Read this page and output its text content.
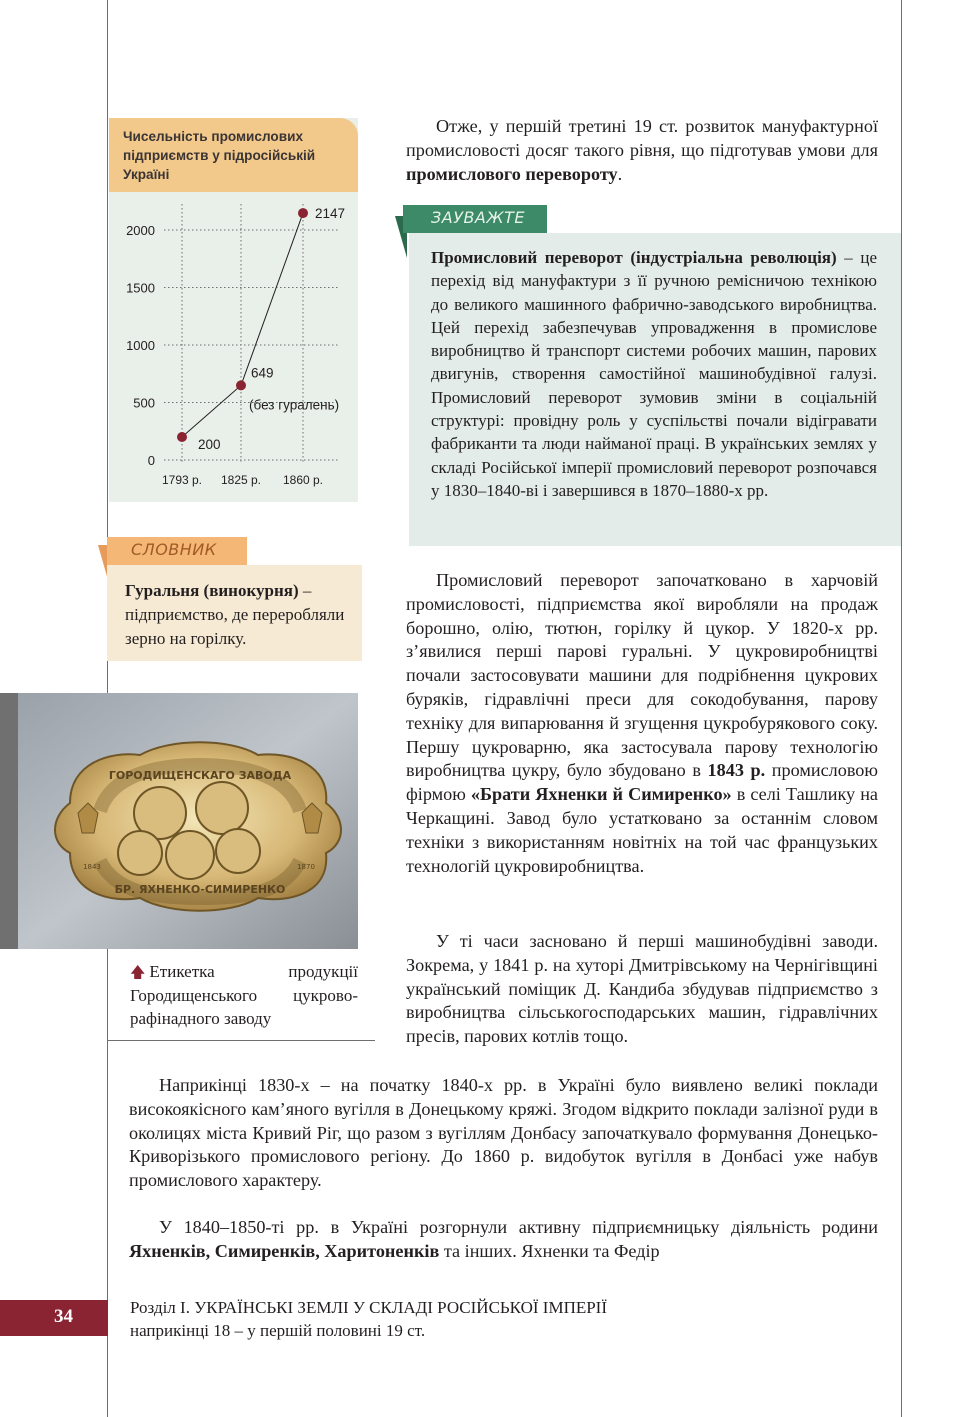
Чисельність промислових підприємств у підросійській Україні
0
500
1000
1500
2000
1793 р. 1825 р. 1860 р.
200
649
2147
(без гуралень)
СЛОВНИК
Гуральня (винокурня) – підприємство, де переробляли зерно на горілку.
ГОРОДИЩЕНСКАГО ЗАВОДА
БР. ЯХНЕНКО-СИМИРЕНКО
1843	1870
🡅 Етикетка продукції Городищенського цукрово-рафінадного заводу
ЗАУВАЖТЕ
Промисловий переворот (індустріальна революція) – це перехід від мануфактури з її ручною ремісничою технікою до великого машинного фабрично-заводського виробництва. Цей перехід забезпечував упровадження в промислове виробництво й транспорт системи робочих машин, парових двигунів, створення самостійної машинобудівної галузі. Промисловий переворот зумовив зміни в соціальній структурі: провідну роль у суспільстві почали відігравати фабриканти та люди найманої праці. В українських землях у складі Російської імперії промисловий переворот розпочався у 1830–1840-ві і завершився в 1870–1880-х рр.
Отже, у першій третині 19 ст. розвиток мануфактурної промисловості досяг такого рівня, що підготував умови для промислового перевороту.
Промисловий переворот започатковано в харчовій промисловості, підприємства якої виробляли на продаж борошно, олію, тютюн, горілку й цукор. У 1820-х рр. з’явилися перші парові гуральні. У цукровиробництві почали застосовувати машини для подрібнення цукрових буряків, гідравлічні преси для сокодобування, парову техніку для випарювання й згущення цукробурякового соку. Першу цукроварню, яка застосувала парову технологію виробництва цукру, було збудовано в 1843 р. промисловою фірмою «Брати Яхненки й Симиренко» в селі Ташлику на Черкащині. Завод було устатковано за останнім словом техніки з використанням новітніх на той час французьких технологій цукровиробництва.
У ті часи засновано й перші машинобудівні заводи. Зокрема, у 1841 р. на хуторі Дмитрівському на Чернігівщині український поміщик Д. Кандиба збудував підприємство з виробництва сільськогосподарських машин, гідравлічних пресів, парових котлів тощо.
Наприкінці 1830-х – на початку 1840-х рр. в Україні було виявлено великі поклади високоякісного кам’яного вугілля в Донецькому кряжі. Згодом відкрито поклади залізної руди в околицях міста Кривий Ріг, що разом з вугіллям Донбасу започаткувало формування Донецько-Криворізького промислового регіону. До 1860 р. видобуток вугілля в Донбасі уже набув промислового характеру.
У 1840–1850-ті рр. в Україні розгорнули активну підприємницьку діяльність родини Яхненків, Симиренків, Харитоненків та інших. Яхненки та Федір
34	Розділ І. УКРАЇНСЬКІ ЗЕМЛІ У СКЛАДІ РОСІЙСЬКОЇ ІМПЕРІЇ
наприкінці 18 – у першій половині 19 ст.
